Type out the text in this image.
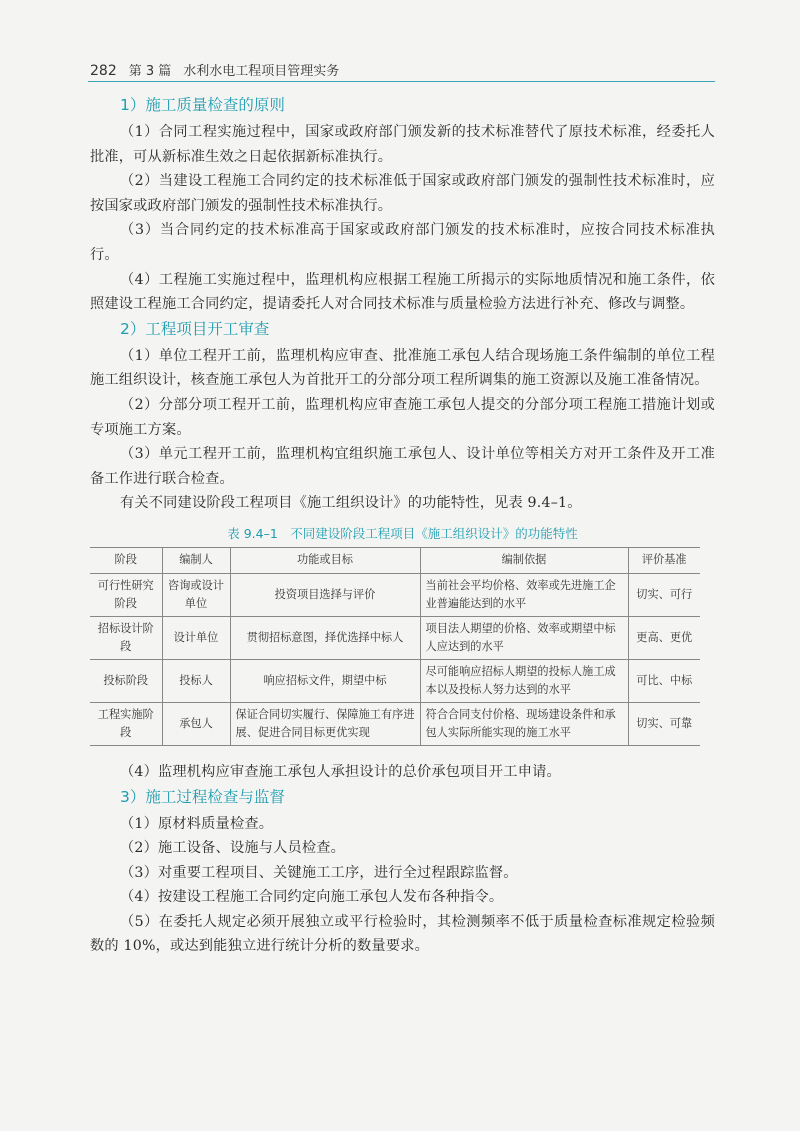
282 第 3 篇 水利水电工程项目管理实务
1）施工质量检查的原则

（1）合同工程实施过程中，国家或政府部门颁发新的技术标准替代了原技术标准，经委托人批准，可从新标准生效之日起依据新标准执行。

（2）当建设工程施工合同约定的技术标准低于国家或政府部门颁发的强制性技术标准时，应按国家或政府部门颁发的强制性技术标准执行。

（3）当合同约定的技术标准高于国家或政府部门颁发的技术标准时，应按合同技术标准执行。

（4）工程施工实施过程中，监理机构应根据工程施工所揭示的实际地质情况和施工条件，依照建设工程施工合同约定，提请委托人对合同技术标准与质量检验方法进行补充、修改与调整。

2）工程项目开工审查

（1）单位工程开工前，监理机构应审查、批准施工承包人结合现场施工条件编制的单位工程施工组织设计，核查施工承包人为首批开工的分部分项工程所调集的施工资源以及施工准备情况。

（2）分部分项工程开工前，监理机构应审查施工承包人提交的分部分项工程施工措施计划或专项施工方案。

（3）单元工程开工前，监理机构宜组织施工承包人、设计单位等相关方对开工条件及开工准备工作进行联合检查。

有关不同建设阶段工程项目《施工组织设计》的功能特性，见表 9.4–1。

表 9.4–1　不同建设阶段工程项目《施工组织设计》的功能特性
阶段	编制人	功能或目标	编制依据	评价基准
可行性研究阶段	咨询或设计单位	投资项目选择与评价	当前社会平均价格、效率或先进施工企业普遍能达到的水平	切实、可行
招标设计阶段	设计单位	贯彻招标意图，择优选择中标人	项目法人期望的价格、效率或期望中标人应达到的水平	更高、更优
投标阶段	投标人	响应招标文件，期望中标	尽可能响应招标人期望的投标人施工成本以及投标人努力达到的水平	可比、中标
工程实施阶段	承包人	保证合同切实履行、保障施工有序进展、促进合同目标更优实现	符合合同支付价格、现场建设条件和承包人实际所能实现的施工水平	切实、可靠

（4）监理机构应审查施工承包人承担设计的总价承包项目开工申请。

3）施工过程检查与监督

（1）原材料质量检查。

（2）施工设备、设施与人员检查。

（3）对重要工程项目、关键施工工序，进行全过程跟踪监督。

（4）按建设工程施工合同约定向施工承包人发布各种指令。

（5）在委托人规定必须开展独立或平行检验时，其检测频率不低于质量检查标准规定检验频数的 10%，或达到能独立进行统计分析的数量要求。
